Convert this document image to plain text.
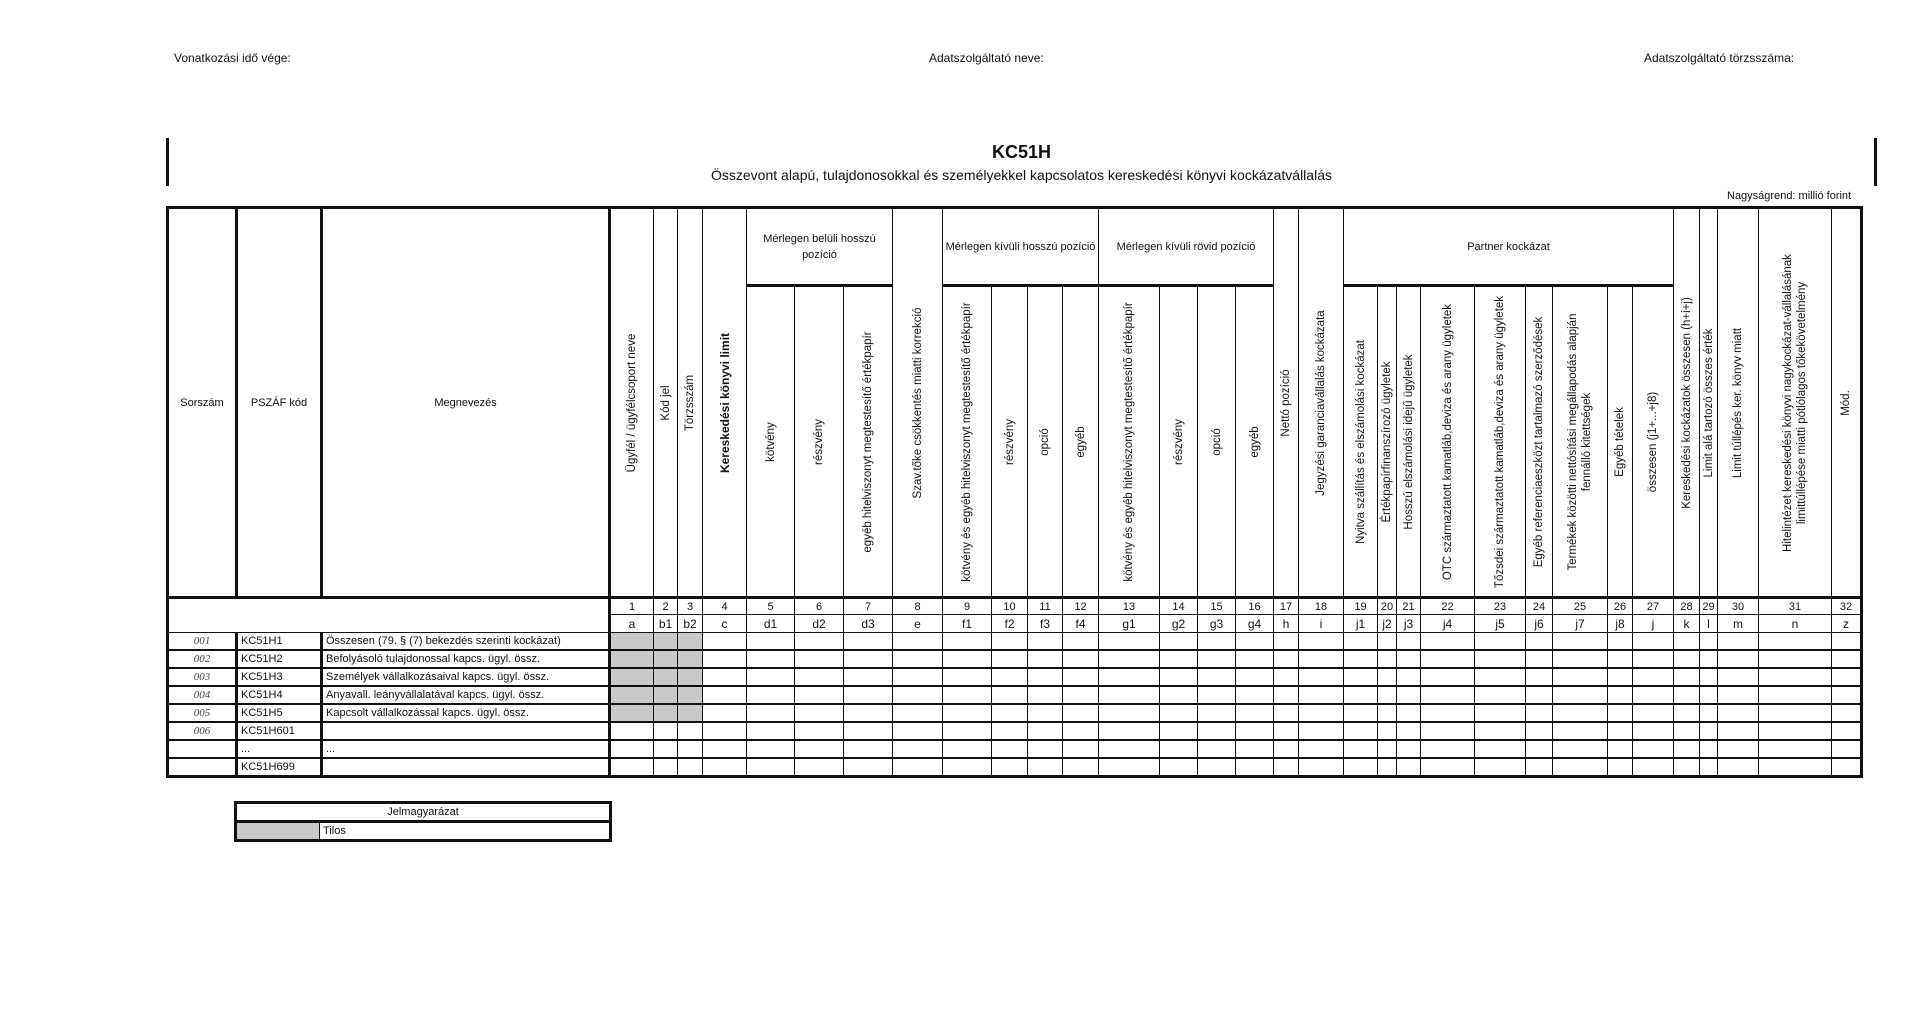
Vonatkozási idő vége:	Adatszolgáltató neve:	Adatszolgáltató törzsszáma:
KC51H
Összevont alapú, tulajdonosokkal és személyekkel kapcsolatos kereskedési könyvi kockázatvállalás
Nagyságrend: millió forint
Sorszám	PSZÁF kód	Megnevezés	Ügyfél / ügyfélcsoport neve	Kód jel	Törzsszám	Kereskedési könyvi limit	Mérlegen belüli hosszú pozíció			Szav.tőke csökkentés miatti korrekció	Mérlegen kívüli hosszú pozíció				Mérlegen kívüli rövid pozíció				Nettó pozíció	Jegyzési garanciavállalás kockázata	Partner kockázat									Kereskedési kockázatok összesen (h+i+j)	Limit alá tartozó összes érték	Limit túllépés ker. könyv miatt	Hitelintézet kereskedési könyvi nagykockázat-vállalásának limittúllépése miatti pótlólagos tőkekövetelmény	Mód.

							kötvény	részvény	egyéb hitelviszonyt megtestesítő értékpapír		kötvény és egyéb hitelviszonyt megtestesítő értékpapír	részvény	opció	egyéb	kötvény és egyéb hitelviszonyt megtestesítő értékpapír	részvény	opció	egyéb			Nyitva szállítás és elszámolási kockázat	Értékpapírfinanszírozó ügyletek	Hosszú elszámolási idejű ügyletek	OTC származtatott kamatláb,deviza és arany ügyletek	Tőzsdei származtatott kamatláb,deviza és arany ügyletek	Egyéb referenciaeszközt tartalmazó szerződések	Termékek közötti nettósítási megállapodás alapján fennálló kitettségek	Egyéb tételek	összesen (j1+...+j8)					

			1	2	3	4	5	6	7	8	9	10	11	12	13	14	15	16	17	18	19	20	21	22	23	24	25	26	27	28	29	30	31	32
			a	b1	b2	c	d1	d2	d3	e	f1	f2	f3	f4	g1	g2	g3	g4	h	i	j1	j2	j3	j4	j5	j6	j7	j8	j	k	l	m	n	z
001	KC51H1	Összesen (79. § (7) bekezdés szerinti kockázat)																																
002	KC51H2	Befolyásoló tulajdonossal kapcs. ügyl. össz.																																
003	KC51H3	Személyek vállalkozásaival kapcs. ügyl. össz.																																
004	KC51H4	Anyavall. leányvállalatával kapcs. ügyl. össz.																																
005	KC51H5	Kapcsolt vállalkozással kapcs. ügyl. össz.																																
006	KC51H601																																	
	...	...																																
	KC51H699																																	
Jelmagyarázat
	Tilos
